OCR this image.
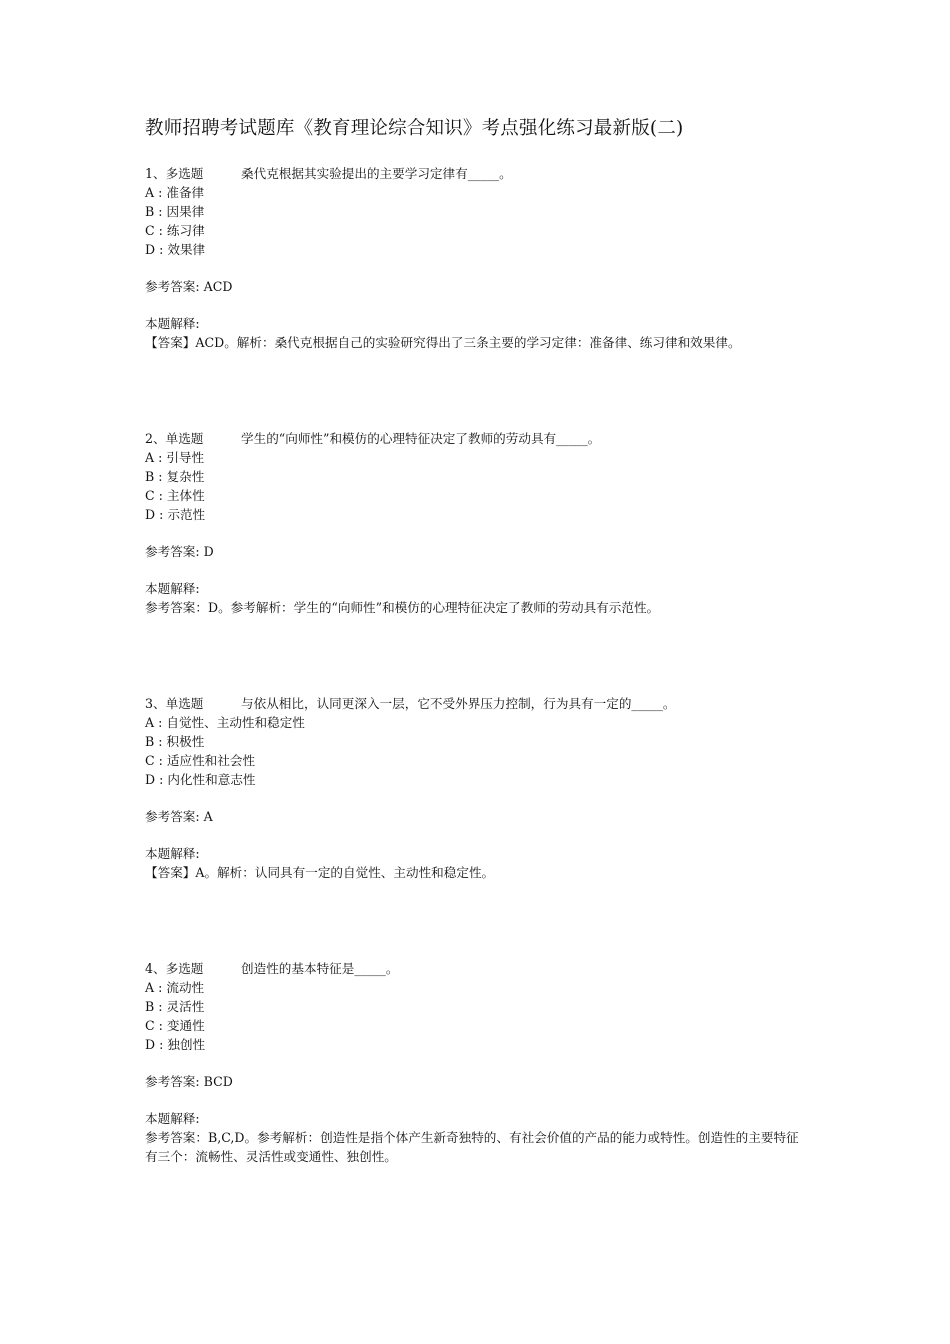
教师招聘考试题库《教育理论综合知识》考点强化练习最新版(二)
1、多选题	桑代克根据其实验提出的主要学习定律有_____。
A : 准备律
B : 因果律
C : 练习律
D : 效果律
参考答案: ACD
本题解释:
【答案】ACD。解析：桑代克根据自己的实验研究得出了三条主要的学习定律：准备律、练习律和效果律。
2、单选题	学生的“向师性”和模仿的心理特征决定了教师的劳动具有_____。
A : 引导性
B : 复杂性
C : 主体性
D : 示范性
参考答案: D
本题解释:
参考答案：D。参考解析：学生的“向师性”和模仿的心理特征决定了教师的劳动具有示范性。
3、单选题	与依从相比，认同更深入一层，它不受外界压力控制，行为具有一定的_____。
A : 自觉性、主动性和稳定性
B : 积极性
C : 适应性和社会性
D : 内化性和意志性
参考答案: A
本题解释:
【答案】A。解析：认同具有一定的自觉性、主动性和稳定性。
4、多选题	创造性的基本特征是_____。
A : 流动性
B : 灵活性
C : 变通性
D : 独创性
参考答案: BCD
本题解释:
参考答案：B,C,D。参考解析：创造性是指个体产生新奇独特的、有社会价值的产品的能力或特性。创造性的主要特征有三个：流畅性、灵活性或变通性、独创性。
